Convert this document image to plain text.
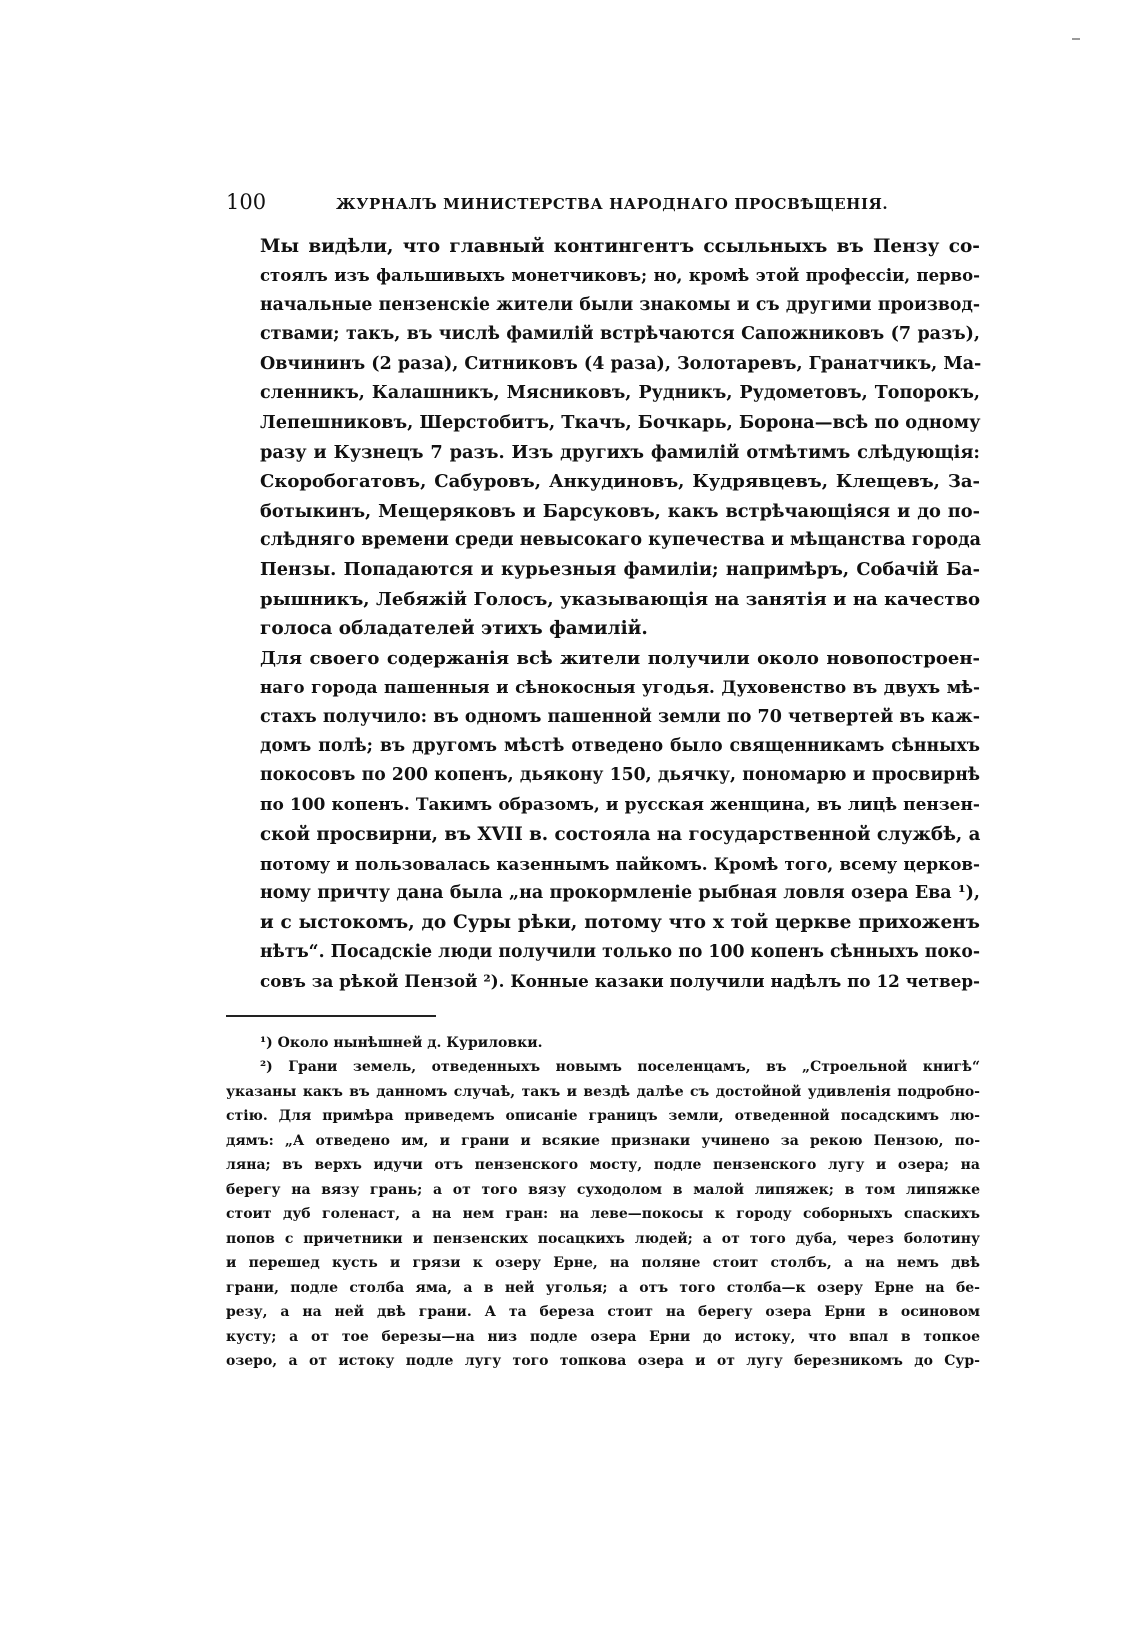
100	ЖУРНАЛЪ МИНИСТЕРСТВА НАРОДНАГО ПРОСВѢЩЕНІЯ.

Мы видѣли, что главный контингентъ ссыльныхъ въ Пензу со-
стоялъ изъ фальшивыхъ монетчиковъ; но, кромѣ этой профессіи, перво-
начальные пензенскіе жители были знакомы и съ другими производ-
ствами; такъ, въ числѣ фамилій встрѣчаются Сапожниковъ (7 разъ),
Овчининъ (2 раза), Ситниковъ (4 раза), Золотаревъ, Гранатчикъ, Ма-
сленникъ, Калашникъ, Мясниковъ, Рудникъ, Рудометовъ, Топорокъ,
Лепешниковъ, Шерстобитъ, Ткачъ, Бочкарь, Борона—всѣ по одному
разу и Кузнецъ 7 разъ. Изъ другихъ фамилій отмѣтимъ слѣдующія:
Скоробогатовъ, Сабуровъ, Анкудиновъ, Кудрявцевъ, Клещевъ, За-
ботыкинъ, Мещеряковъ и Барсуковъ, какъ встрѣчающіяся и до по-
слѣдняго времени среди невысокаго купечества и мѣщанства города
Пензы. Попадаются и курьезныя фамиліи; напримѣръ, Собачій Ба-
рышникъ, Лебяжій Голосъ, указывающія на занятія и на качество
голоса обладателей этихъ фамилій.

Для своего содержанія всѣ жители получили около новопостроен-
наго города пашенныя и сѣнокосныя угодья. Духовенство въ двухъ мѣ-
стахъ получило: въ одномъ пашенной земли по 70 четвертей въ каж-
домъ полѣ; въ другомъ мѣстѣ отведено было священникамъ сѣнныхъ
покосовъ по 200 копенъ, дьякону 150, дьячку, пономарю и просвирнѣ
по 100 копенъ. Такимъ образомъ, и русская женщина, въ лицѣ пензен-
ской просвирни, въ XVII в. состояла на государственной службѣ, а
потому и пользовалась казеннымъ пайкомъ. Кромѣ того, всему церков-
ному причту дана была „на прокормленіе рыбная ловля озера Ева ¹),
и с ыстокомъ, до Суры рѣки, потому что х той церкве прихоженъ
нѣтъ“. Посадскіе люди получили только по 100 копенъ сѣнныхъ поко-
совъ за рѣкой Пензой ²). Конные казаки получили надѣлъ по 12 четвер-

¹) Около нынѣшней д. Куриловки.

²) Грани земель, отведенныхъ новымъ поселенцамъ, въ „Строельной книгѣ“
указаны какъ въ данномъ случаѣ, такъ и вездѣ далѣе съ достойной удивленія подробно-
стію. Для примѣра приведемъ описаніе границъ земли, отведенной посадскимъ лю-
дямъ: „А отведено им, и грани и всякие признаки учинено за рекою Пензою, по-
ляна; въ верхъ идучи отъ пензенского мосту, подле пензенского лугу и озера; на
берегу на вязу грань; а от того вязу суходолом в малой липяжек; в том липяжке
стоит дуб голенаст, а на нем гран: на леве—покосы к городу соборныхъ спаскихъ
попов с причетники и пензенских посацкихъ людей; а от того дуба, через болотину
и перешед кусть и грязи к озеру Ерне, на поляне стоит столбъ, а на немъ двѣ
грани, подле столба яма, а в ней уголья; а отъ того столба—к озеру Ерне на бе-
резу, а на ней двѣ грани. А та береза стоит на берегу озера Ерни в осиновом
кусту; а от тое березы—на низ подле озера Ерни до истоку, что впал в топкое
озеро, а от истоку подле лугу того топкова озера и от лугу березникомъ до Сур-
